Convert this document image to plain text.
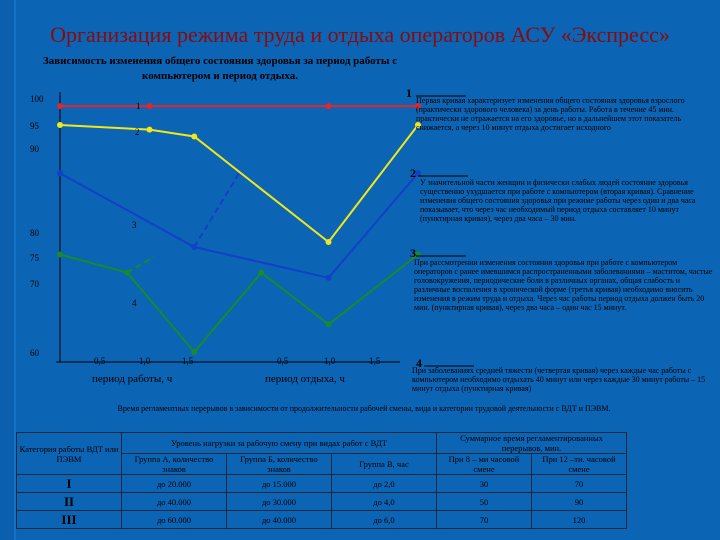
Организация режима труда и отдыха операторов АСУ «Экспресс»
Зависимость изменения общего состояния здоровья за период работы с компьютером и период отдыха.
100
95
90
80
75
70
60
0,5	1,0	1,5	0,5	1,0	1,5
период работы, ч	период отдыха, ч
1
2
3
4
1
Первая кривая характеризует изменения общего состояния здоровья взрослого (практически здорового человека) за день работы. Работа в течение 45 мин. практически не отражается на его здоровье, но в дальнейшем этот показатель снижается, а через 10 минут отдыха достигает исходного
2
У значительной части женщин и физически слабых людей состояние здоровья существенно ухудшается при работе с компьютером (вторая кривая). Сравнение изменения общего состояния здоровья при режиме работы через один и два часа показывает, что через час необходимый период отдыха составляет 10 минут (пунктирная кривая), через два часа – 30 мин.
3
При рассмотрении изменения состояния здоровья при работе с компьютером операторов с ранее имевшимся распространенными заболеваниями – маститом, частые головокружения, периодические боли в различных органах, общая слабость и различные воспаления в хронической форме (третья кривая) необходимо вносить изменения в режим труда и отдыха. Через час работы период отдыха должен быть 20 мин. (пунктирная кривая), через два часа – один час 15 минут.
4
При заболеваниях средней тяжести (четвертая кривая) через каждые час работы с компьютером необходимо отдыхать 40 минут или через каждые 30 минут работы – 15 минут отдыха (пунктирная кривая)
Время регламентных перерывов в зависимости от продолжительности рабочей смены, вида и категории трудовой деятельности с ВДТ и ПЭВМ.
Категория работы ВДТ или ПЭВМ	Уровень нагрузки за рабочую смену при видах работ с ВДТ			Суммарное время регламентированных перерывов, мин.	
	Группа А, количество знаков	Группа Б, количество знаков	Группа В, час	При 8 – ми часовой смене	При 12 –ти. часовой смене
I	до 20.000	до 15.000	до 2,0	30	70
II	до 40.000	до 30.000	до 4,0	50	90
III	до 60.000	до 40.000	до 6,0	70	120
